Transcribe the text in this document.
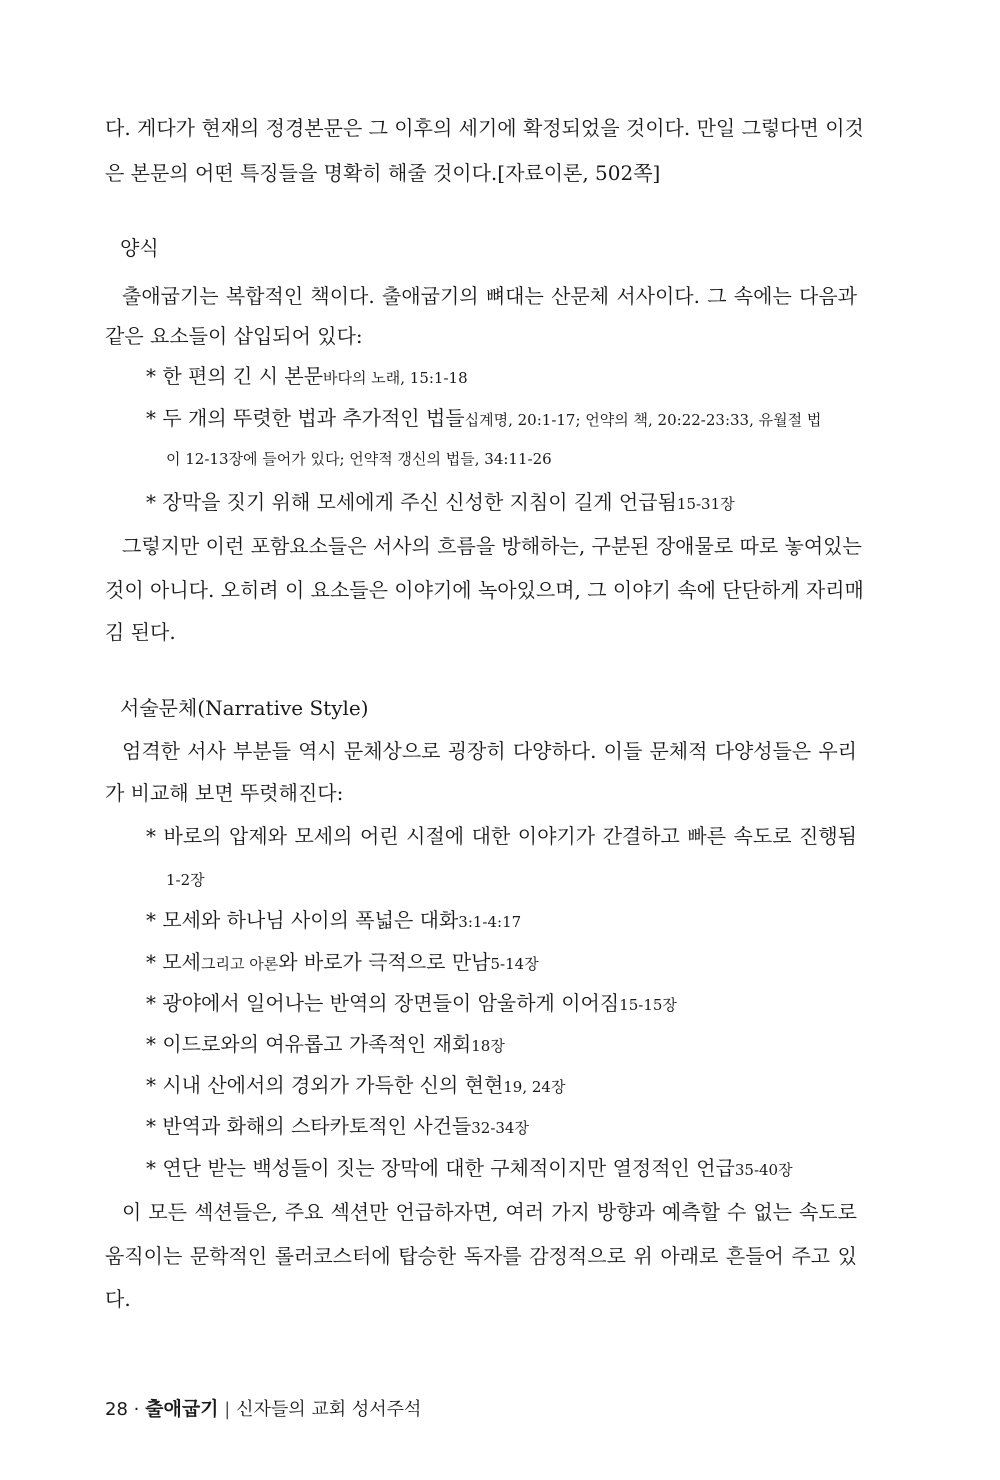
다. 게다가 현재의 정경본문은 그 이후의 세기에 확정되었을 것이다. 만일 그렇다면 이것
은 본문의 어떤 특징들을 명확히 해줄 것이다.[자료이론, 502쪽]
양식
출애굽기는 복합적인 책이다. 출애굽기의 뼈대는 산문체 서사이다. 그 속에는 다음과
같은 요소들이 삽입되어 있다:
* 한 편의 긴 시 본문바다의 노래, 15:1-18
* 두 개의 뚜렷한 법과 추가적인 법들십계명, 20:1-17; 언약의 책, 20:22-23:33, 유월절 법
이 12-13장에 들어가 있다; 언약적 갱신의 법들, 34:11-26
* 장막을 짓기 위해 모세에게 주신 신성한 지침이 길게 언급됨15-31장
그렇지만 이런 포함요소들은 서사의 흐름을 방해하는, 구분된 장애물로 따로 놓여있는
것이 아니다. 오히려 이 요소들은 이야기에 녹아있으며, 그 이야기 속에 단단하게 자리매
김 된다.
서술문체(Narrative Style)
엄격한 서사 부분들 역시 문체상으로 굉장히 다양하다. 이들 문체적 다양성들은 우리
가 비교해 보면 뚜렷해진다:
* 바로의 압제와 모세의 어린 시절에 대한 이야기가 간결하고 빠른 속도로 진행됨
1-2장
* 모세와 하나님 사이의 폭넓은 대화3:1-4:17
* 모세그리고 아론와 바로가 극적으로 만남5-14장
* 광야에서 일어나는 반역의 장면들이 암울하게 이어짐15-15장
* 이드로와의 여유롭고 가족적인 재회18장
* 시내 산에서의 경외가 가득한 신의 현현19, 24장
* 반역과 화해의 스타카토적인 사건들32-34장
* 연단 받는 백성들이 짓는 장막에 대한 구체적이지만 열정적인 언급35-40장
이 모든 섹션들은, 주요 섹션만 언급하자면, 여러 가지 방향과 예측할 수 없는 속도로
움직이는 문학적인 롤러코스터에 탑승한 독자를 감정적으로 위 아래로 흔들어 주고 있
다.
28 · 출애굽기 | 신자들의 교회 성서주석
